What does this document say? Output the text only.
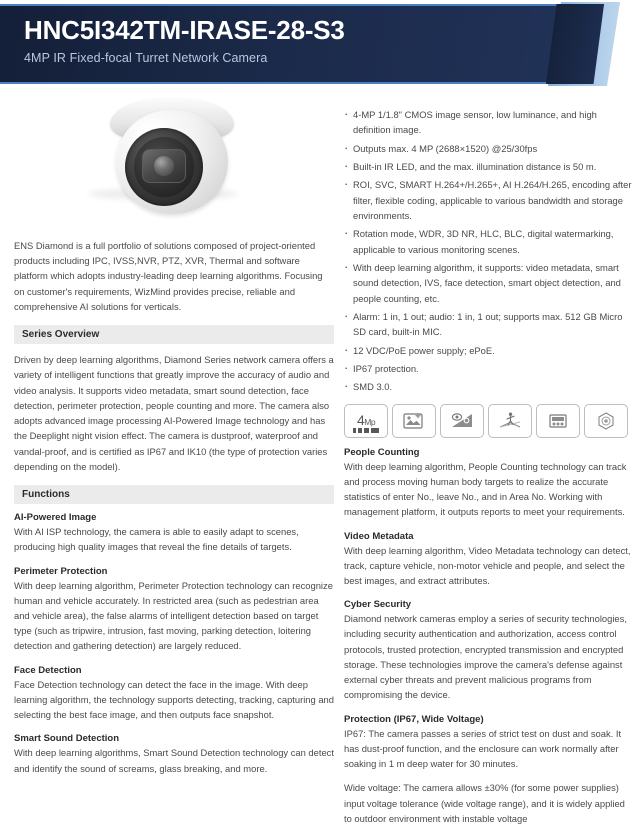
HNC5I342TM-IRASE-28-S3
4MP IR Fixed-focal Turret Network Camera
ENS Diamond is a full portfolio of solutions composed of project-oriented products including IPC, IVSS,NVR, PTZ, XVR, Thermal and software platform which adopts industry-leading deep learning algorithms. Focusing on customer's requirements, WizMind provides precise, reliable and comprehensive AI solutions for verticals.
Series Overview
Driven by deep learning algorithms, Diamond Series network camera offers a variety of intelligent functions that greatly improve the accuracy of audio and video analysis. It supports video metadata, smart sound detection, face detection, perimeter protection, people counting and more. The camera also adopts advanced image processing AI-Powered Image technology and has the Deeplight night vision effect. The camera is dustproof, waterproof and vandal-proof, and is certified as IP67 and IK10 (the type of protection varies depending on the model).
Functions
AI-Powered Image
With AI ISP technology, the camera is able to easily adapt to scenes, producing high quality images that reveal the fine details of targets.
Perimeter Protection
With deep learning algorithm, Perimeter Protection technology can recognize human and vehicle accurately. In restricted area (such as pedestrian area and vehicle area), the false alarms of intelligent detection based on target type (such as tripwire, intrusion, fast moving, parking detection, loitering detection and gathering detection) are largely reduced.
Face Detection
Face Detection technology can detect the face in the image. With deep learning algorithm, the technology supports detecting, tracking, capturing and selecting the best face image, and then outputs face snapshot.
Smart Sound Detection
With deep learning algorithms, Smart Sound Detection technology can detect and identify the sound of screams, glass breaking, and more.
· 4-MP 1/1.8" CMOS image sensor, low luminance, and high definition image.
· Outputs max. 4 MP (2688×1520) @25/30fps
· Built-in IR LED, and the max. illumination distance is 50 m.
· ROI, SVC, SMART H.264+/H.265+, AI H.264/H.265, encoding after filter, flexible coding, applicable to various bandwidth and storage environments.
· Rotation mode, WDR, 3D NR, HLC, BLC, digital watermarking, applicable to various monitoring scenes.
· With deep learning algorithm, it supports: video metadata, smart sound detection, IVS, face detection, smart object detection, and people counting, etc.
· Alarm: 1 in, 1 out; audio: 1 in, 1 out; supports max. 512 GB Micro SD card, built-in MIC.
· 12 VDC/PoE power supply; ePoE.
· IP67 protection.
· SMD 3.0.
4Mp
People Counting
With deep learning algorithm, People Counting technology can track and process moving human body targets to realize the accurate statistics of enter No., leave No., and in Area No. Working with management platform, it outputs reports to meet your requirements.
Video Metadata
With deep learning algorithm, Video Metadata technology can detect, track, capture vehicle, non-motor vehicle and people, and select the best images, and extract attributes.
Cyber Security
Diamond network cameras employ a series of security technologies, including security authentication and authorization, access control protocols, trusted protection, encrypted transmission and encrypted storage. These technologies improve the camera's defense against external cyber threats and prevent malicious programs from compromising the device.
Protection (IP67, Wide Voltage)
IP67: The camera passes a series of strict test on dust and soak. It has dust-proof function, and the enclosure can work normally after soaking in 1 m deep water for 30 minutes.
Wide voltage: The camera allows ±30% (for some power supplies) input voltage tolerance (wide voltage range), and it is widely applied to outdoor environment with instable voltage
